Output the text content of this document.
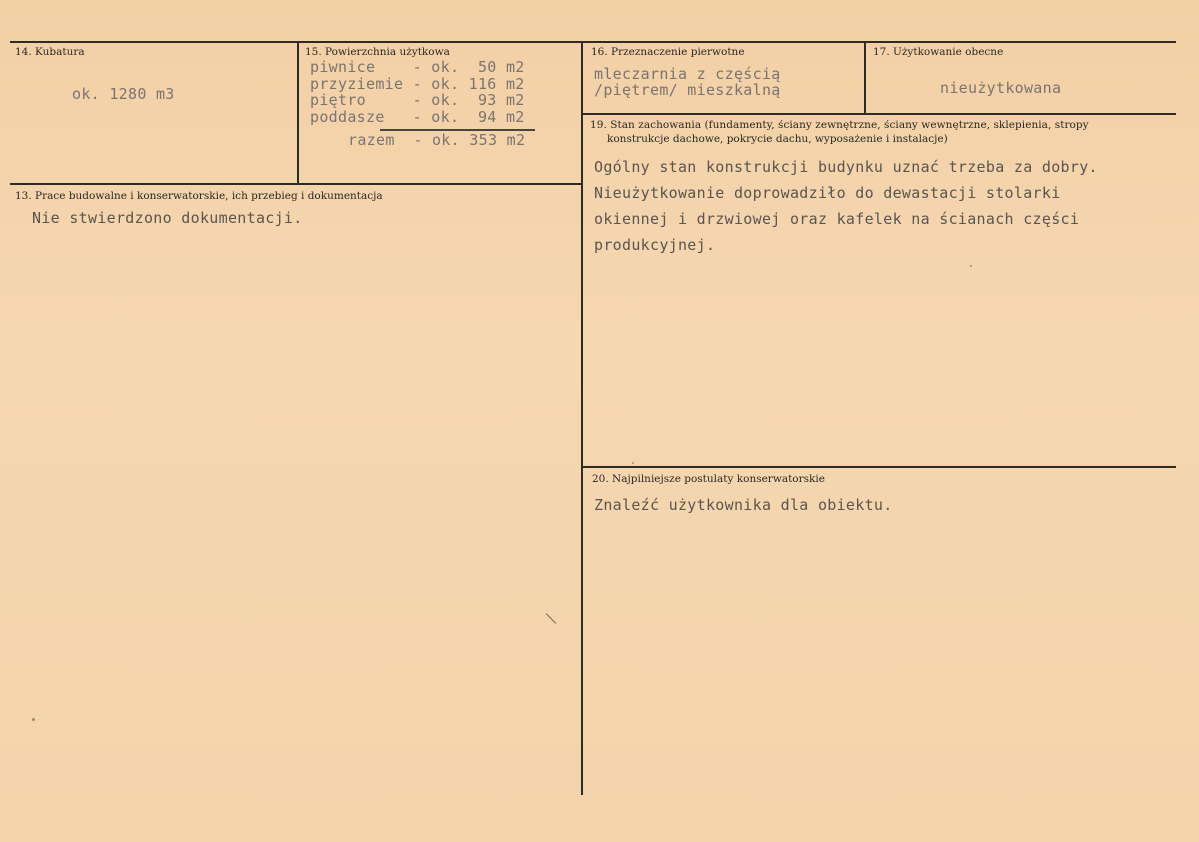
14. Kubatura
ok. 1280 m3
15. Powierzchnia użytkowa
piwnice    - ok.  50 m2
przyziemie - ok. 116 m2
piętro     - ok.  93 m2
poddasze   - ok.  94 m2
razem  - ok. 353 m2
16. Przeznaczenie pierwotne
mleczarnia z częścią
/piętrem/ mieszkalną
17. Użytkowanie obecne
nieużytkowana
13. Prace budowalne i konserwatorskie, ich przebieg i dokumentacja
Nie stwierdzono dokumentacji.
19. Stan zachowania (fundamenty, ściany zewnętrzne, ściany wewnętrzne, sklepienia, stropy
konstrukcje dachowe, pokrycie dachu, wyposażenie i instalacje)
Ogólny stan konstrukcji budynku uznać trzeba za dobry.
Nieużytkowanie doprowadziło do dewastacji stolarki
okiennej i drzwiowej oraz kafelek na ścianach części
produkcyjnej.
20. Najpilniejsze postulaty konserwatorskie
Znaleźć użytkownika dla obiektu.
